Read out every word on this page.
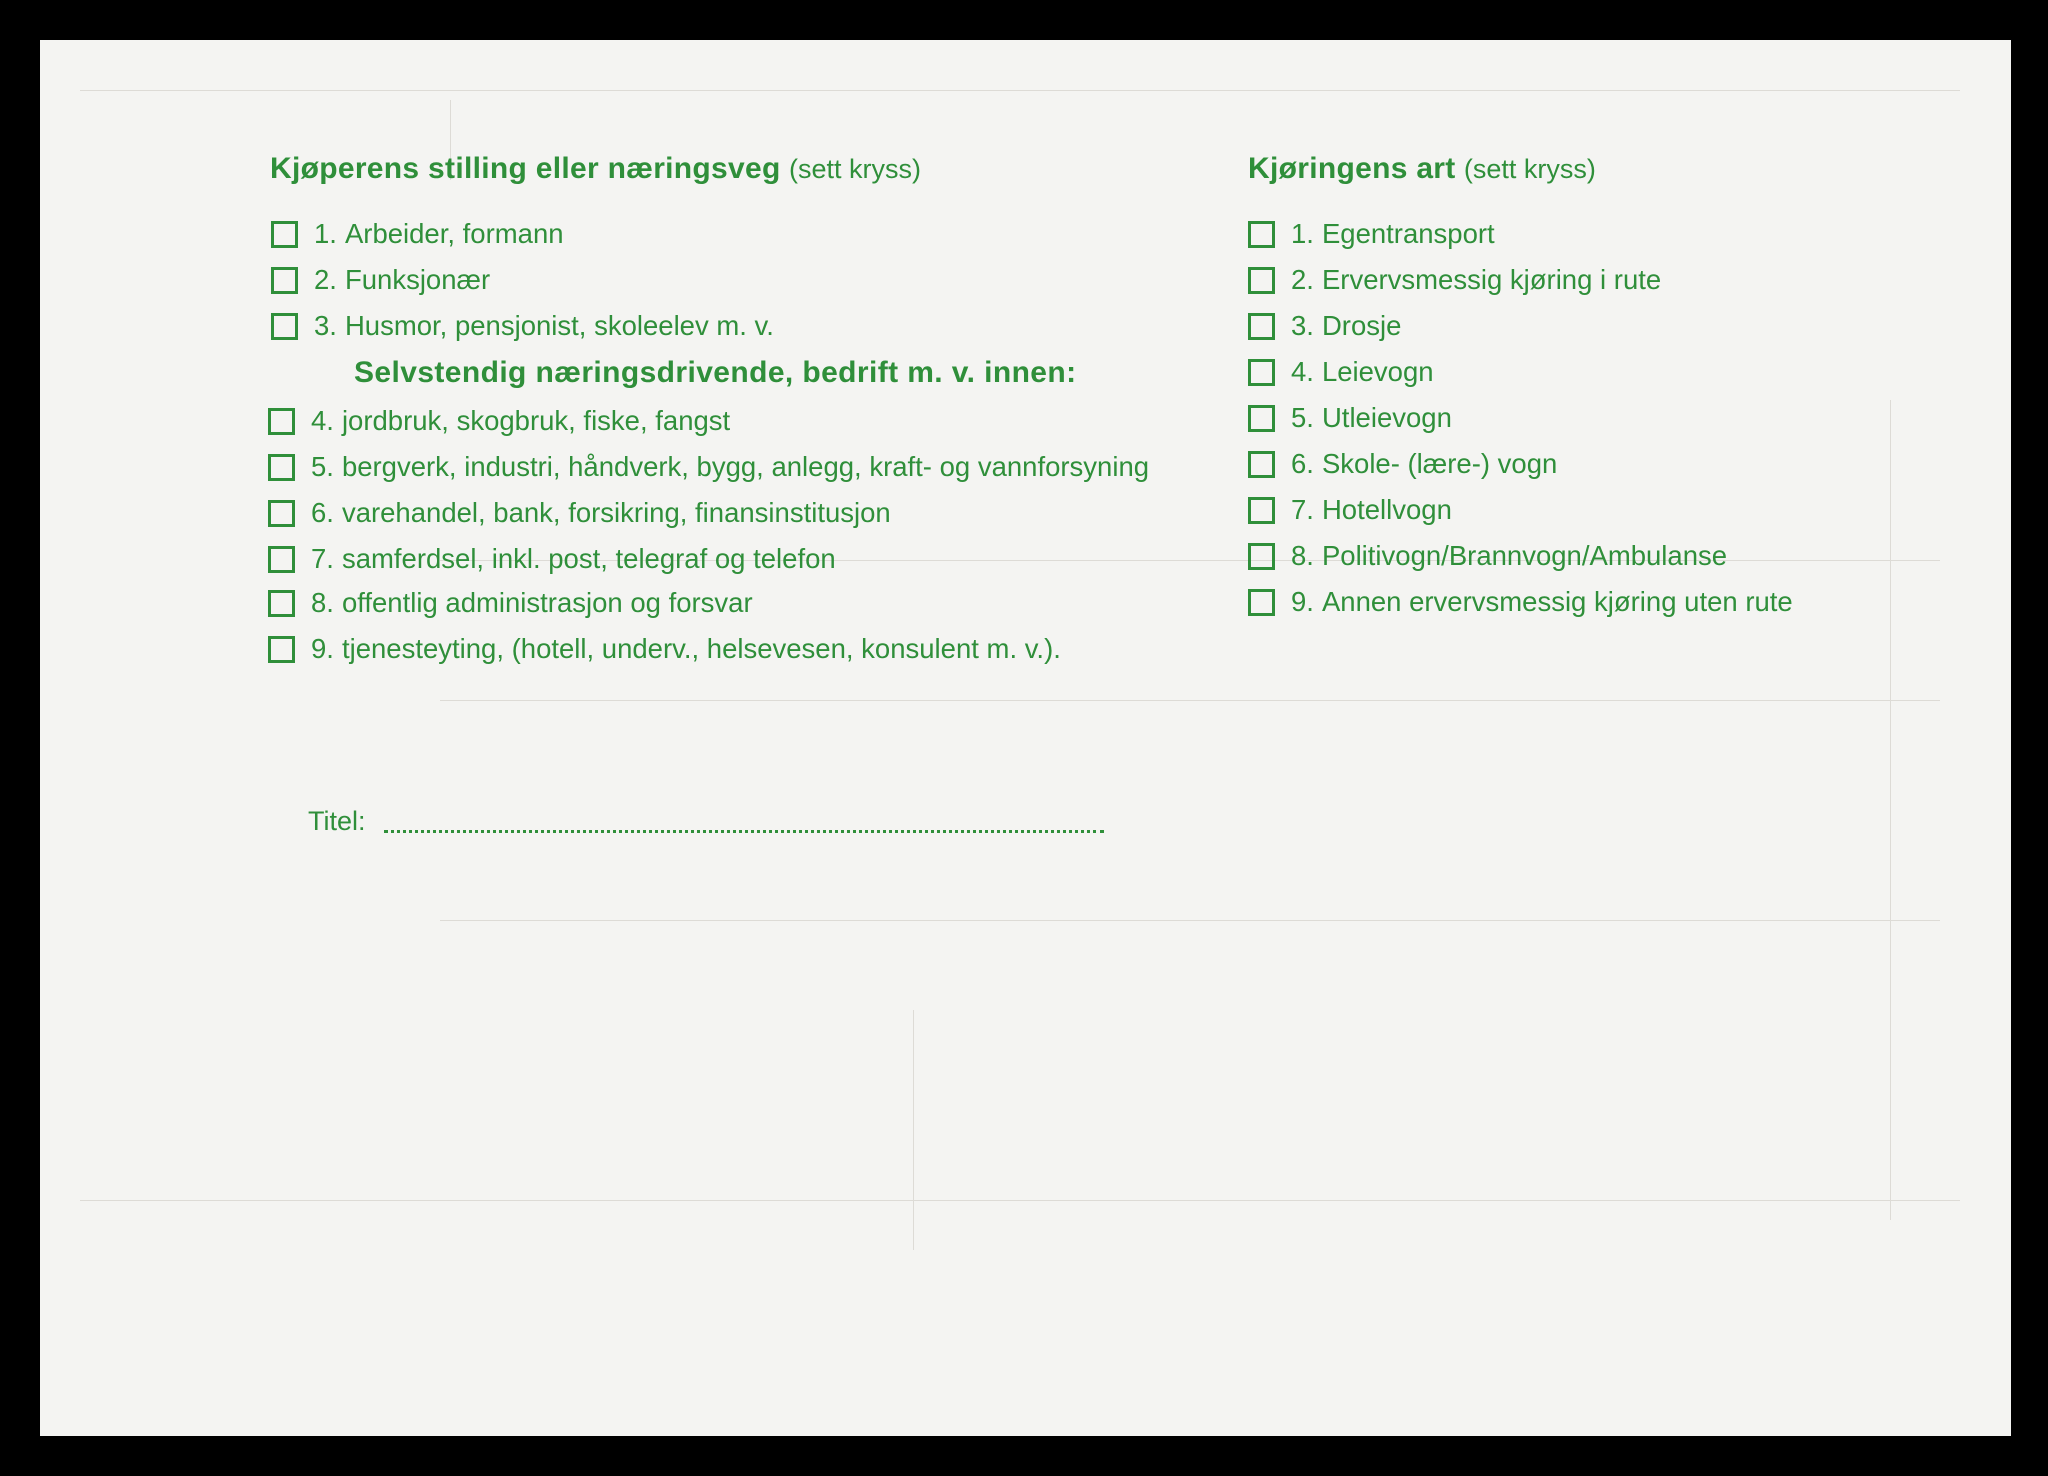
Kjøperens stilling eller næringsveg (sett kryss)
1. Arbeider, formann
2. Funksjonær
3. Husmor, pensjonist, skoleelev m. v.
Selvstendig næringsdrivende, bedrift m. v. innen:
4. jordbruk, skogbruk, fiske, fangst
5. bergverk, industri, håndverk, bygg, anlegg, kraft- og vannforsyning
6. varehandel, bank, forsikring, finansinstitusjon
7. samferdsel, inkl. post, telegraf og telefon
8. offentlig administrasjon og forsvar
9. tjenesteyting, (hotell, underv., helsevesen, konsulent m. v.).
Kjøringens art (sett kryss)
1. Egentransport
2. Ervervsmessig kjøring i rute
3. Drosje
4. Leievogn
5. Utleievogn
6. Skole- (lære-) vogn
7. Hotellvogn
8. Politivogn/Brannvogn/Ambulanse
9. Annen ervervsmessig kjøring uten rute
Titel:
